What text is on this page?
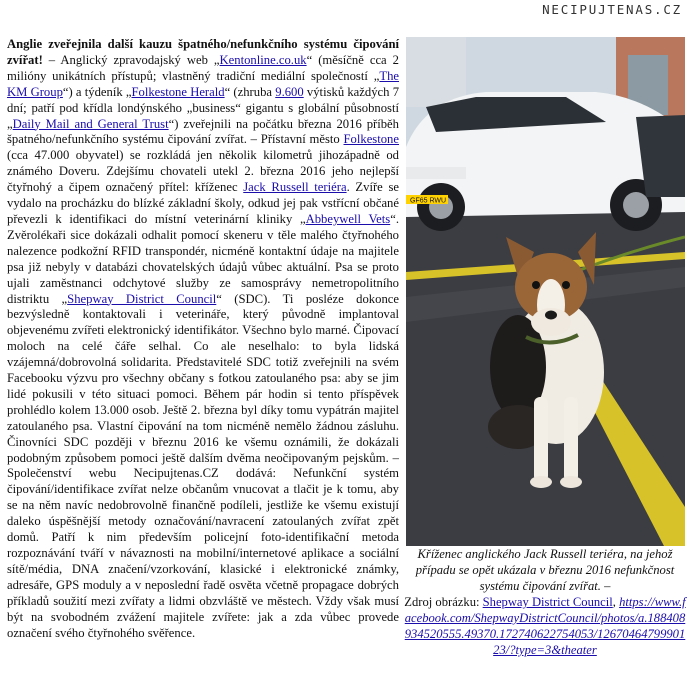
NECIPUJTENAS.CZ
GF65 RWU
Kříženec anglického Jack Russell teriéra, na jehož případu se opět ukázala v březnu 2016 nefunkčnost systému čipování zvířat. –
Zdroj obrázku: Shepway District Council, https://www.facebook.com/ShepwayDistrictCouncil/photos/a.188408934520555.49370.172740622754053/1267046479990123/?type=3&theater

Anglie zveřejnila další kauzu špatného/nefunkčního systému čipování zvířat! – Anglický zpravodajský web „Kentonline.co.uk“ (měsíčně cca 2 milióny unikátních přístupů; vlastněný tradiční mediální společností „The KM Group“) a týdeník „Folkestone Herald“ (zhruba 9.600 výtisků každých 7 dní; patří pod křídla londýnského „business“ gigantu s globální působností „Daily Mail and General Trust“) zveřejnili na počátku března 2016 příběh špatného/nefunkčního systému čipování zvířat. – Přístavní město Folkestone (cca 47.000 obyvatel) se rozkládá jen několik kilometrů jihozápadně od známého Doveru. Zdejšímu chovateli utekl 2. března 2016 jeho nejlepší čtyřnohý a čipem označený přítel: kříženec Jack Russell teriéra. Zvíře se vydalo na procházku do blízké základní školy, odkud jej pak vstřícní občané převezli k identifikaci do místní veterinární kliniky „Abbeywell Vets“. Zvěrolékaři sice dokázali odhalit pomocí skeneru v těle malého čtyřnohého nalezence podkožní RFID transpondér, nicméně kontaktní údaje na majitele psa již nebyly v databázi chovatelských údajů vůbec aktuální. Psa se proto ujali zaměstnanci odchytové služby ze samosprávy nemetropolitního distriktu „Shepway District Council“ (SDC). Ti posléze dokonce bezvýsledně kontaktovali i veterináře, který původně implantoval objevenému zvířeti elektronický identifikátor. Všechno bylo marné. Čipovací moloch na celé čáře selhal. Co ale neselhalo: to byla lidská vzájemná/dobrovolná solidarita. Představitelé SDC totiž zveřejnili na svém Facebooku výzvu pro všechny občany s fotkou zatoulaného psa: aby se jim lidé pokusili v této situaci pomoci. Během pár hodin si tento příspěvek prohlédlo kolem 13.000 osob. Ještě 2. března byl díky tomu vypátrán majitel zatoulaného psa. Vlastní čipování na tom nicméně nemělo žádnou zásluhu. Činovníci SDC později v březnu 2016 ke všemu oznámili, že dokázali podobným způsobem pomoci ještě dalším dvěma neočipovaným pejskům. – Společenství webu Necipujtenas.CZ dodává: Nefunkční systém čipování/identifikace zvířat nelze občanům vnucovat a tlačit je k tomu, aby se na něm navíc nedobrovolně finančně podíleli, jestliže ke všemu existují daleko úspěšnější metody označování/navracení zatoulaných zvířat zpět domů. Patří k nim především policejní foto-identifikační metoda rozpoznávání tváří v návaznosti na mobilní/internetové aplikace a sociální sítě/média, DNA značení/vzorkování, klasické i elektronické známky, adresáře, GPS moduly a v neposlední řadě osvěta včetně propagace dobrých příkladů soužití mezi zvířaty a lidmi obzvláště ve městech. Vždy však musí být na svobodném zvážení majitele zvířete: jak a zda vůbec provede označení svého čtyřnohého svěřence.
